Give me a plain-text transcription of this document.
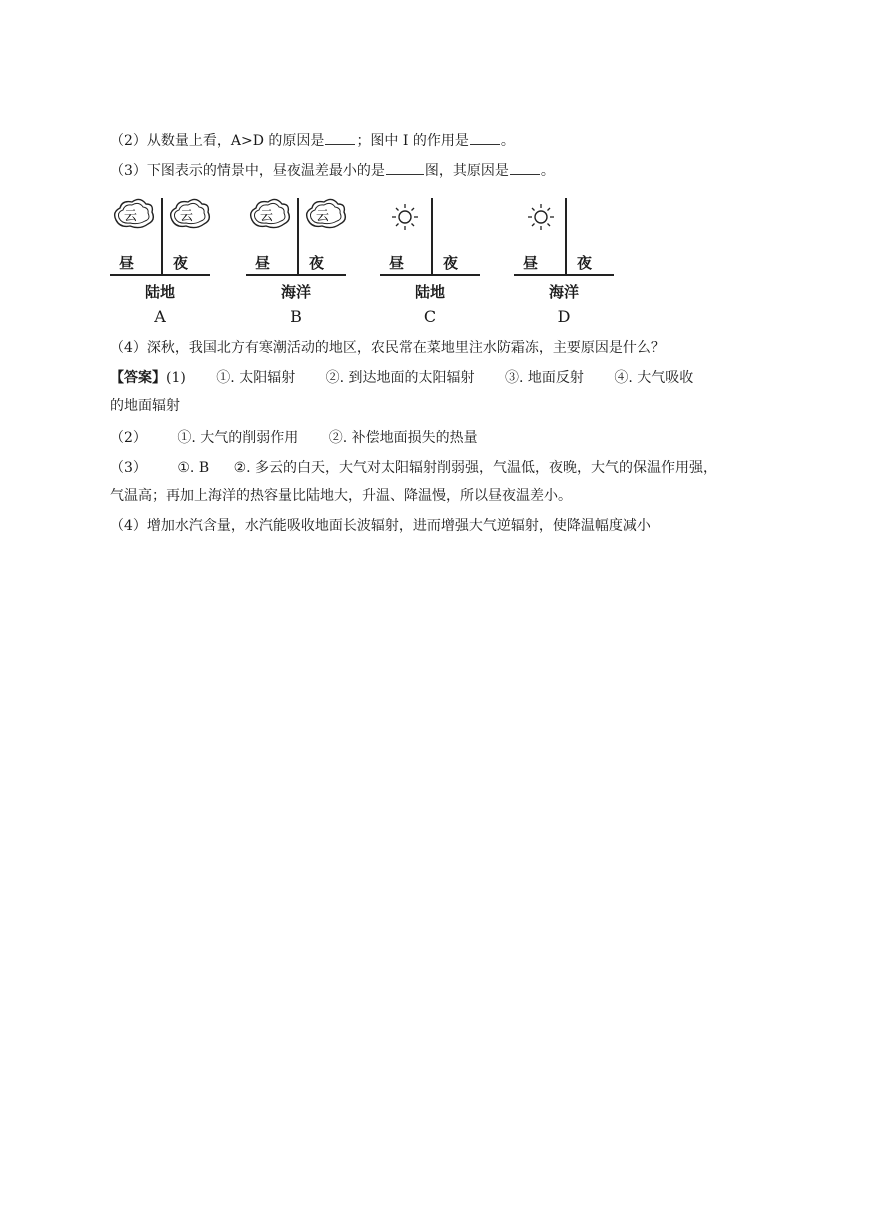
（2）从数量上看，A>D 的原因是 ；图中 I 的作用是 。
（3）下图表示的情景中，昼夜温差最小的是	图，其原因是 。
云	云
昼	夜
陆地
A
云	云
昼	夜
海洋
B
昼	夜
陆地
C
昼	夜
海洋
D
（4）深秋，我国北方有寒潮活动的地区，农民常在菜地里注水防霜冻，主要原因是什么？
【答案】(1) ①. 太阳辐射 ②. 到达地面的太阳辐射 ③. 地面反射 ④. 大气吸收
的地面辐射
（2） ①. 大气的削弱作用 ②. 补偿地面损失的热量
（3） ①. B ②. 多云的白天，大气对太阳辐射削弱强，气温低，夜晚，大气的保温作用强，
气温高；再加上海洋的热容量比陆地大，升温、降温慢，所以昼夜温差小。
（4）增加水汽含量，水汽能吸收地面长波辐射，进而增强大气逆辐射，使降温幅度减小
